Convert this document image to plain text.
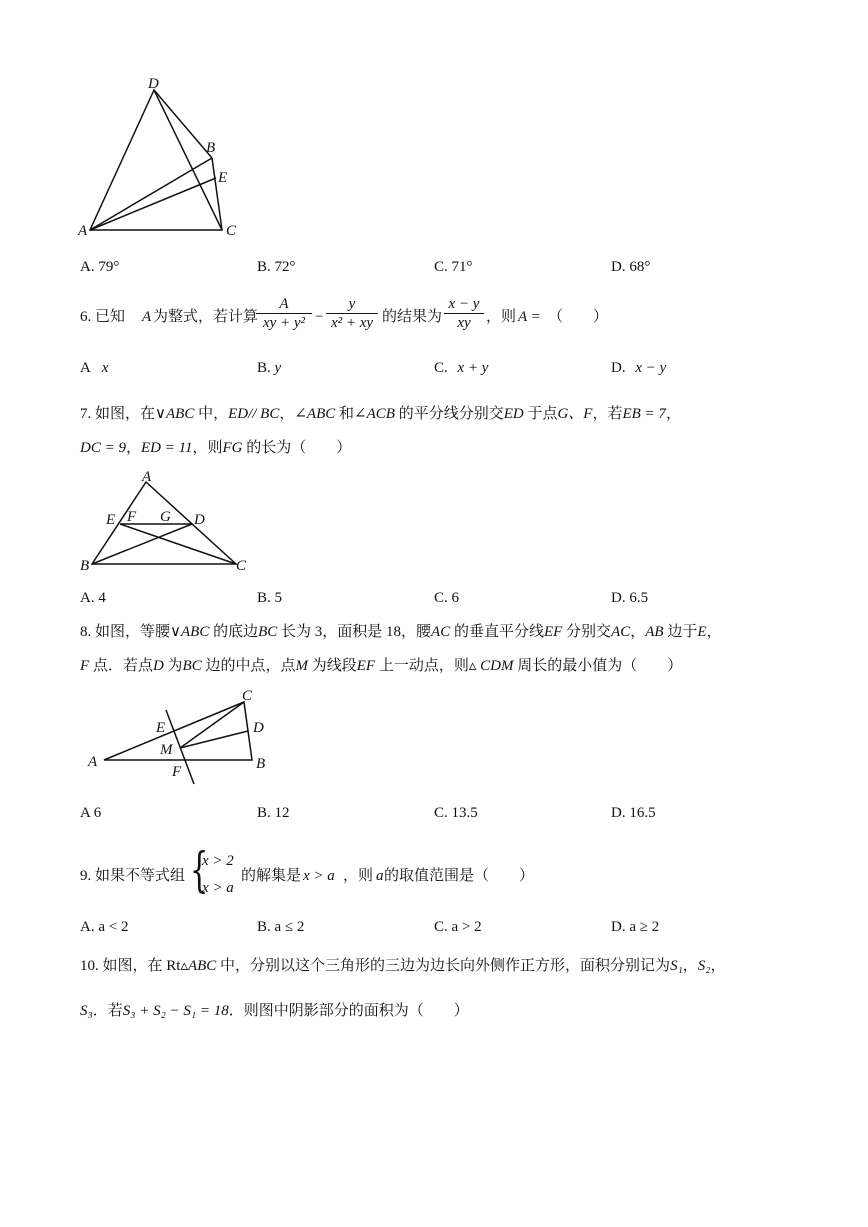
D
B
E
A	C
A. 79°	B. 72°	C. 71°	D. 68°
6. 已知 A 为整式，若计算
$\frac{A}{\text{xy + y²}} - \frac{y}{\text{x² + xy}}$ 的结果为 $\frac{x - y}{xy}$ ，则 A = （　　）
A x	B. y	C. x + y	D. x − y
7. 如图，在∨ABC 中，ED// BC，∠ABC 和∠ACB 的平分线分别交ED 于点G、F，若EB = 7，
DC = 9，ED = 11，则FG 的长为（　　）
A
E F G D
B	C
A. 4	B. 5	C. 6	D. 6.5
8. 如图，等腰∨ABC 的底边BC 长为 3，面积是 18，腰AC 的垂直平分线EF 分别交AC，AB 边于E，
F 点．若点D 为BC 边的中点，点M 为线段EF 上一动点，则▵ CDM 周长的最小值为（　　）
C
E	D
M
A
F	B
A 6	B. 12	C. 13.5	D. 16.5
9. 如果不等式组 {
x > 2
x > a
的解集是 x > a ，则 a 的取值范围是（　　）
A. a < 2	B. a ≤ 2	C. a > 2	D. a ≥ 2
10. 如图，在 Rt▵ABC 中，分别以这个三角形的三边为边长向外侧作正方形，面积分别记为S₁，S₂，
S₃．若S₃ + S₂ − S₁ = 18．则图中阴影部分的面积为（　　）
